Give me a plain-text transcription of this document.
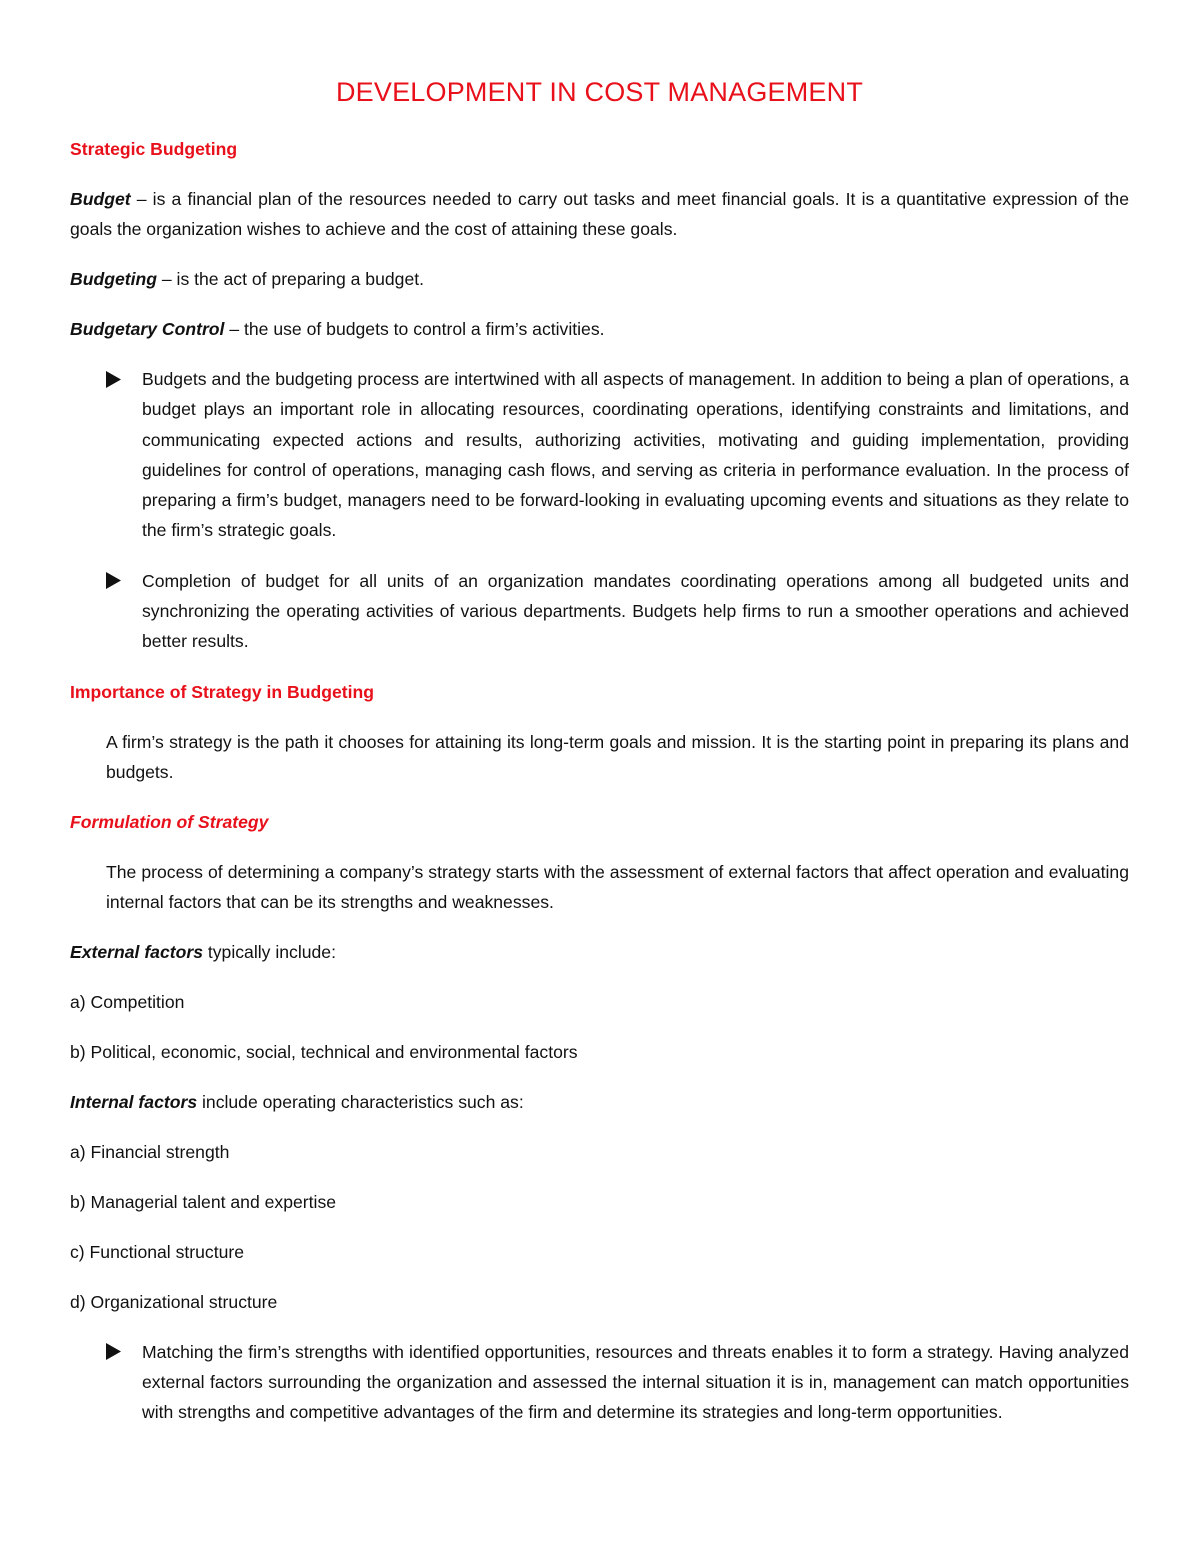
DEVELOPMENT IN COST MANAGEMENT
Strategic Budgeting

Budget – is a financial plan of the resources needed to carry out tasks and meet financial goals. It is a quantitative expression of the goals the organization wishes to achieve and the cost of attaining these goals.

Budgeting – is the act of preparing a budget.

Budgetary Control – the use of budgets to control a firm’s activities.

Budgets and the budgeting process are intertwined with all aspects of management. In addition to being a plan of operations, a budget plays an important role in allocating resources, coordinating operations, identifying constraints and limitations, and communicating expected actions and results, authorizing activities, motivating and guiding implementation, providing guidelines for control of operations, managing cash flows, and serving as criteria in performance evaluation. In the process of preparing a firm’s budget, managers need to be forward-looking in evaluating upcoming events and situations as they relate to the firm’s strategic goals.
Completion of budget for all units of an organization mandates coordinating operations among all budgeted units and synchronizing the operating activities of various departments. Budgets help firms to run a smoother operations and achieved better results.
Importance of Strategy in Budgeting

A firm’s strategy is the path it chooses for attaining its long-term goals and mission. It is the starting point in preparing its plans and budgets.

Formulation of Strategy

The process of determining a company’s strategy starts with the assessment of external factors that affect operation and evaluating internal factors that can be its strengths and weaknesses.

External factors typically include:

a) Competition

b) Political, economic, social, technical and environmental factors

Internal factors include operating characteristics such as:

a) Financial strength

b) Managerial talent and expertise

c) Functional structure

d) Organizational structure

Matching the firm’s strengths with identified opportunities, resources and threats enables it to form a strategy. Having analyzed external factors surrounding the organization and assessed the internal situation it is in, management can match opportunities with strengths and competitive advantages of the firm and determine its strategies and long-term opportunities.
